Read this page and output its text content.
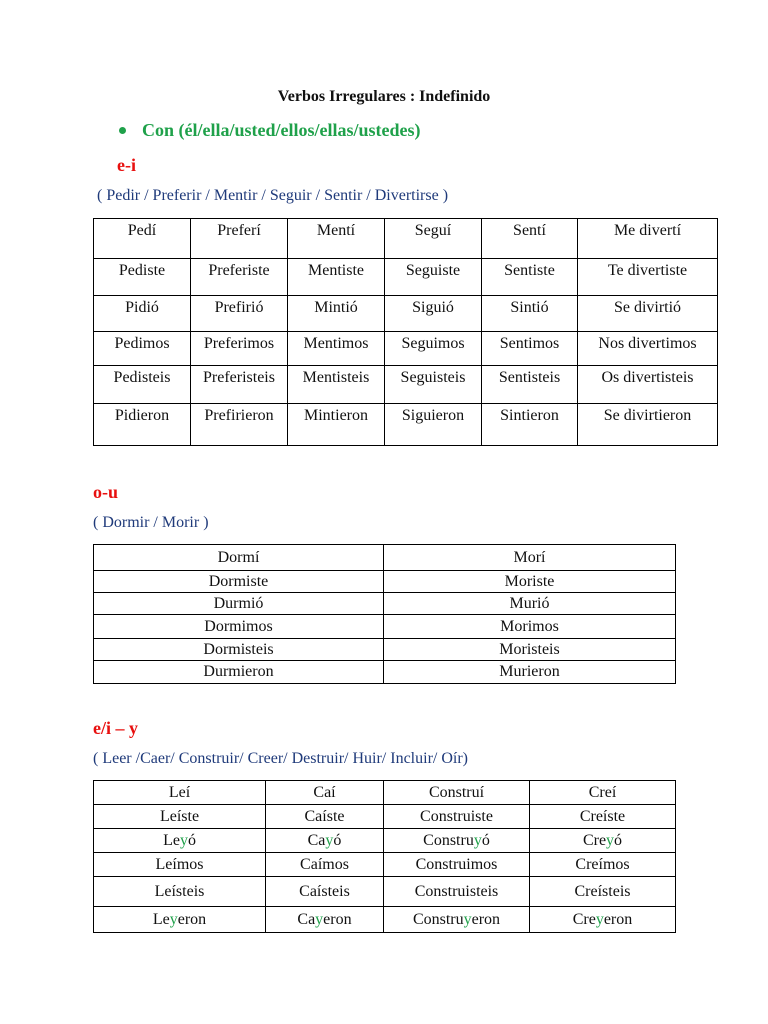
Verbos Irregulares : Indefinido
Con (él/ella/usted/ellos/ellas/ustedes)
e-i
( Pedir / Preferir / Mentir / Seguir / Sentir / Divertirse )
Pedí	Preferí	Mentí	Seguí	Sentí	Me divertí
Pediste	Preferiste	Mentiste	Seguiste	Sentiste	Te divertiste
Pidió	Prefirió	Mintió	Siguió	Sintió	Se divirtió
Pedimos	Preferimos	Mentimos	Seguimos	Sentimos	Nos divertimos
Pedisteis	Preferisteis	Mentisteis	Seguisteis	Sentisteis	Os divertisteis
Pidieron	Prefirieron	Mintieron	Siguieron	Sintieron	Se divirtieron
o-u
( Dormir / Morir )
Dormí	Morí
Dormiste	Moriste
Durmió	Murió
Dormimos	Morimos
Dormisteis	Moristeis
Durmieron	Murieron
e/i – y
( Leer /Caer/ Construir/ Creer/ Destruir/ Huir/ Incluir/ Oír)
Leí	Caí	Construí	Creí
Leíste	Caíste	Construiste	Creíste
Leyó	Cayó	Construyó	Creyó
Leímos	Caímos	Construimos	Creímos
Leísteis	Caísteis	Construisteis	Creísteis
Leyeron	Cayeron	Construyeron	Creyeron
